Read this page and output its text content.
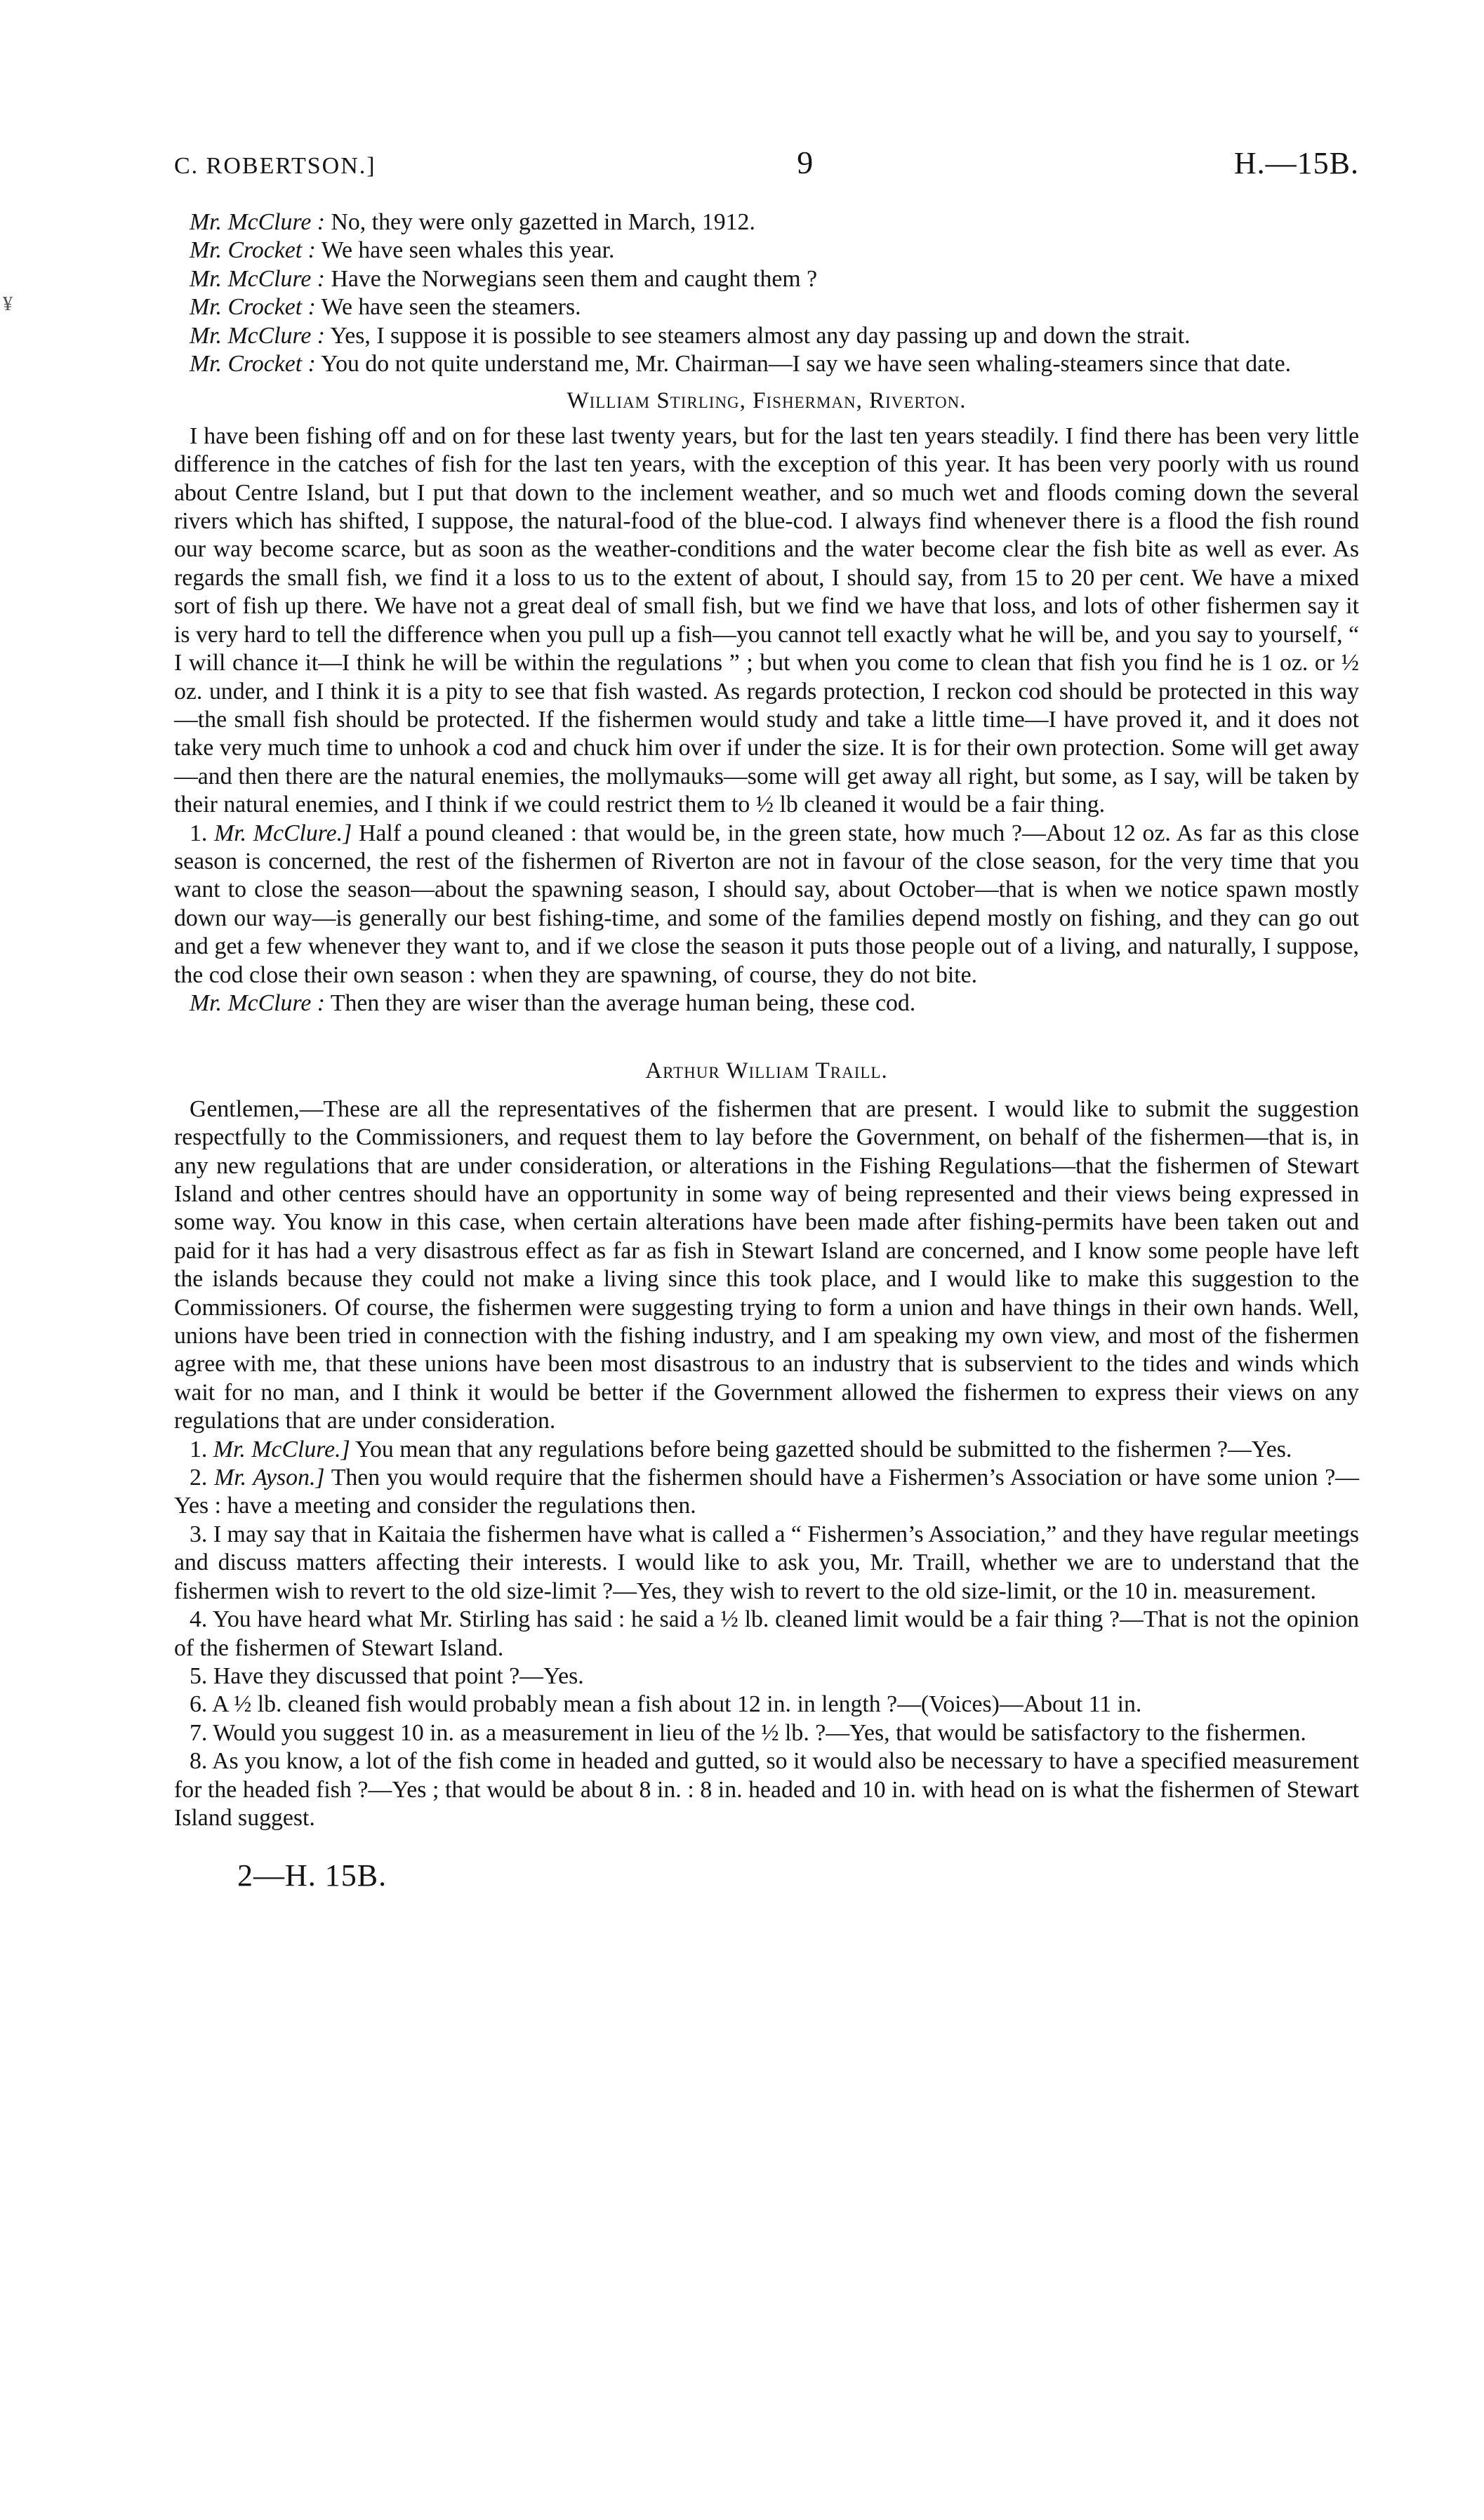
¥
C. ROBERTSON.]	9	H.—15B.

Mr. McClure : No, they were only gazetted in March, 1912.

Mr. Crocket : We have seen whales this year.

Mr. McClure : Have the Norwegians seen them and caught them ?

Mr. Crocket : We have seen the steamers.

Mr. McClure : Yes, I suppose it is possible to see steamers almost any day passing up and down the strait.

Mr. Crocket : You do not quite understand me, Mr. Chairman—I say we have seen whaling-steamers since that date.

William Stirling, Fisherman, Riverton.

I have been fishing off and on for these last twenty years, but for the last ten years steadily. I find there has been very little difference in the catches of fish for the last ten years, with the exception of this year. It has been very poorly with us round about Centre Island, but I put that down to the inclement weather, and so much wet and floods coming down the several rivers which has shifted, I suppose, the natural-food of the blue-cod. I always find whenever there is a flood the fish round our way become scarce, but as soon as the weather-conditions and the water become clear the fish bite as well as ever. As regards the small fish, we find it a loss to us to the extent of about, I should say, from 15 to 20 per cent. We have a mixed sort of fish up there. We have not a great deal of small fish, but we find we have that loss, and lots of other fishermen say it is very hard to tell the difference when you pull up a fish—you cannot tell exactly what he will be, and you say to yourself, “ I will chance it—I think he will be within the regulations ” ; but when you come to clean that fish you find he is 1 oz. or ½ oz. under, and I think it is a pity to see that fish wasted. As regards protection, I reckon cod should be protected in this way—the small fish should be protected. If the fishermen would study and take a little time—I have proved it, and it does not take very much time to unhook a cod and chuck him over if under the size. It is for their own protection. Some will get away—and then there are the natural enemies, the mollymauks—some will get away all right, but some, as I say, will be taken by their natural enemies, and I think if we could restrict them to ½ lb cleaned it would be a fair thing.

1. Mr. McClure.] Half a pound cleaned : that would be, in the green state, how much ?—About 12 oz. As far as this close season is concerned, the rest of the fishermen of Riverton are not in favour of the close season, for the very time that you want to close the season—about the spawning season, I should say, about October—that is when we notice spawn mostly down our way—is generally our best fishing-time, and some of the families depend mostly on fishing, and they can go out and get a few whenever they want to, and if we close the season it puts those people out of a living, and naturally, I suppose, the cod close their own season : when they are spawning, of course, they do not bite.

Mr. McClure : Then they are wiser than the average human being, these cod.

Arthur William Traill.

Gentlemen,—These are all the representatives of the fishermen that are present. I would like to submit the suggestion respectfully to the Commissioners, and request them to lay before the Government, on behalf of the fishermen—that is, in any new regulations that are under consideration, or alterations in the Fishing Regulations—that the fishermen of Stewart Island and other centres should have an opportunity in some way of being represented and their views being expressed in some way. You know in this case, when certain alterations have been made after fishing-permits have been taken out and paid for it has had a very disastrous effect as far as fish in Stewart Island are concerned, and I know some people have left the islands because they could not make a living since this took place, and I would like to make this suggestion to the Commissioners. Of course, the fishermen were suggesting trying to form a union and have things in their own hands. Well, unions have been tried in connection with the fishing industry, and I am speaking my own view, and most of the fishermen agree with me, that these unions have been most disastrous to an industry that is subservient to the tides and winds which wait for no man, and I think it would be better if the Government allowed the fishermen to express their views on any regulations that are under consideration.

1. Mr. McClure.] You mean that any regulations before being gazetted should be submitted to the fishermen ?—Yes.

2. Mr. Ayson.] Then you would require that the fishermen should have a Fishermen’s Association or have some union ?—Yes : have a meeting and consider the regulations then.

3. I may say that in Kaitaia the fishermen have what is called a “ Fishermen’s Association,” and they have regular meetings and discuss matters affecting their interests. I would like to ask you, Mr. Traill, whether we are to understand that the fishermen wish to revert to the old size-limit ?—Yes, they wish to revert to the old size-limit, or the 10 in. measurement.

4. You have heard what Mr. Stirling has said : he said a ½ lb. cleaned limit would be a fair thing ?—That is not the opinion of the fishermen of Stewart Island.

5. Have they discussed that point ?—Yes.

6. A ½ lb. cleaned fish would probably mean a fish about 12 in. in length ?—(Voices)—About 11 in.

7. Would you suggest 10 in. as a measurement in lieu of the ½ lb. ?—Yes, that would be satisfactory to the fishermen.

8. As you know, a lot of the fish come in headed and gutted, so it would also be necessary to have a specified measurement for the headed fish ?—Yes ; that would be about 8 in. : 8 in. headed and 10 in. with head on is what the fishermen of Stewart Island suggest.

2—H. 15B.
